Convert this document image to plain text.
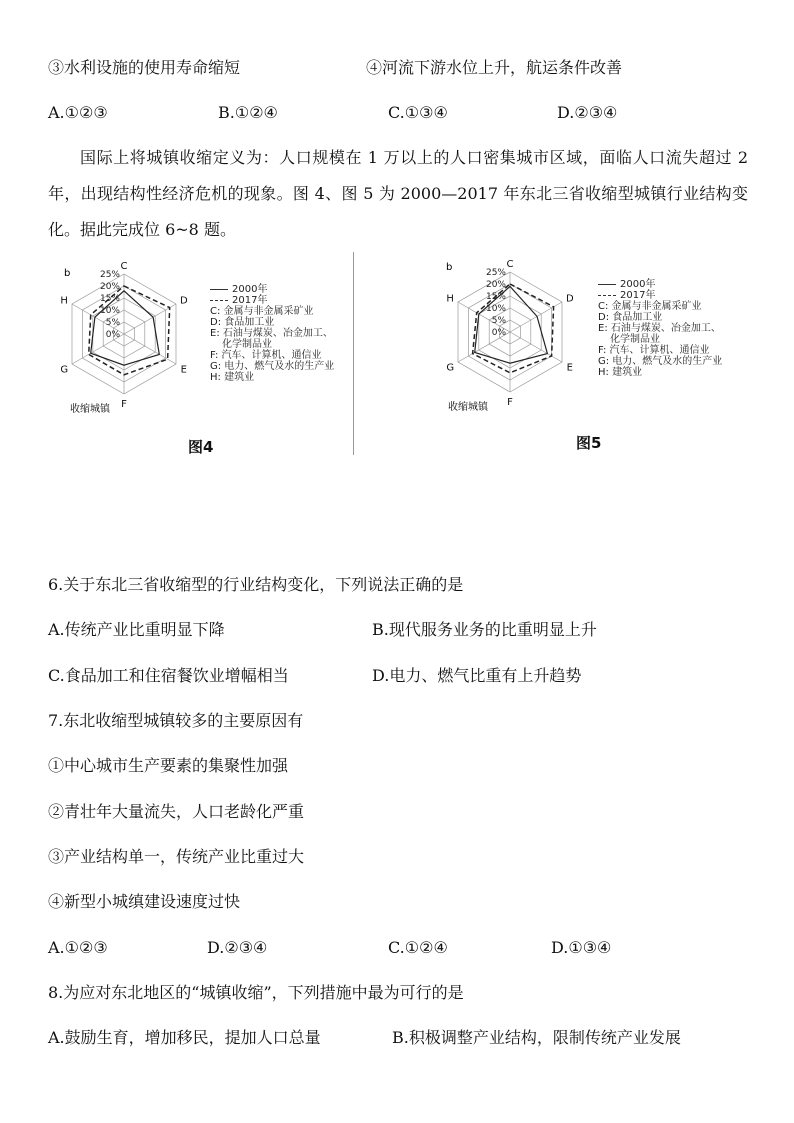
③水利设施的使用寿命缩短	④河流下游水位上升，航运条件改善
A.①②③	B.①②④	C.①③④	D.②③④

国际上将城镇收缩定义为：人口规模在 1 万以上的人口密集城市区域，面临人口流失超过 2 年，出现结构性经济危机的现象。图 4、图 5 为 2000—2017 年东北三省收缩型城镇行业结构变化。据此完成位 6~8 题。

b
0%
5%
10%
15%
20%
25%
C
D
E
F
G
H
收缩城镇
2000年
2017年
C: 金属与非金属采矿业
D: 食品加工业
E: 石油与煤炭、冶金加工、
化学制品业
F: 汽车、计算机、通信业
G: 电力、燃气及水的生产业
H: 建筑业
图4
b
0%
5%
10%
15%
20%
25%
C
D
E
F
G
H
收缩城镇
2000年
2017年
C: 金属与非金属采矿业
D: 食品加工业
E: 石油与煤炭、冶金加工、
化学制品业
F: 汽车、计算机、通信业
G: 电力、燃气及水的生产业
H: 建筑业
图5
6.关于东北三省收缩型的行业结构变化，下列说法正确的是
A.传统产业比重明显下降	B.现代服务业务的比重明显上升
C.食品加工和住宿餐饮业增幅相当	D.电力、燃气比重有上升趋势
7.东北收缩型城镇较多的主要原因有
①中心城市生产要素的集聚性加强
②青壮年大量流失，人口老龄化严重
③产业结构单一，传统产业比重过大
④新型小城缜建设速度过快
A.①②③	D.②③④	C.①②④	D.①③④
8.为应对东北地区的“城镇收缩”，下列措施中最为可行的是
A.鼓励生育，增加移民，提加人口总量	B.积极调整产业结构，限制传统产业发展
